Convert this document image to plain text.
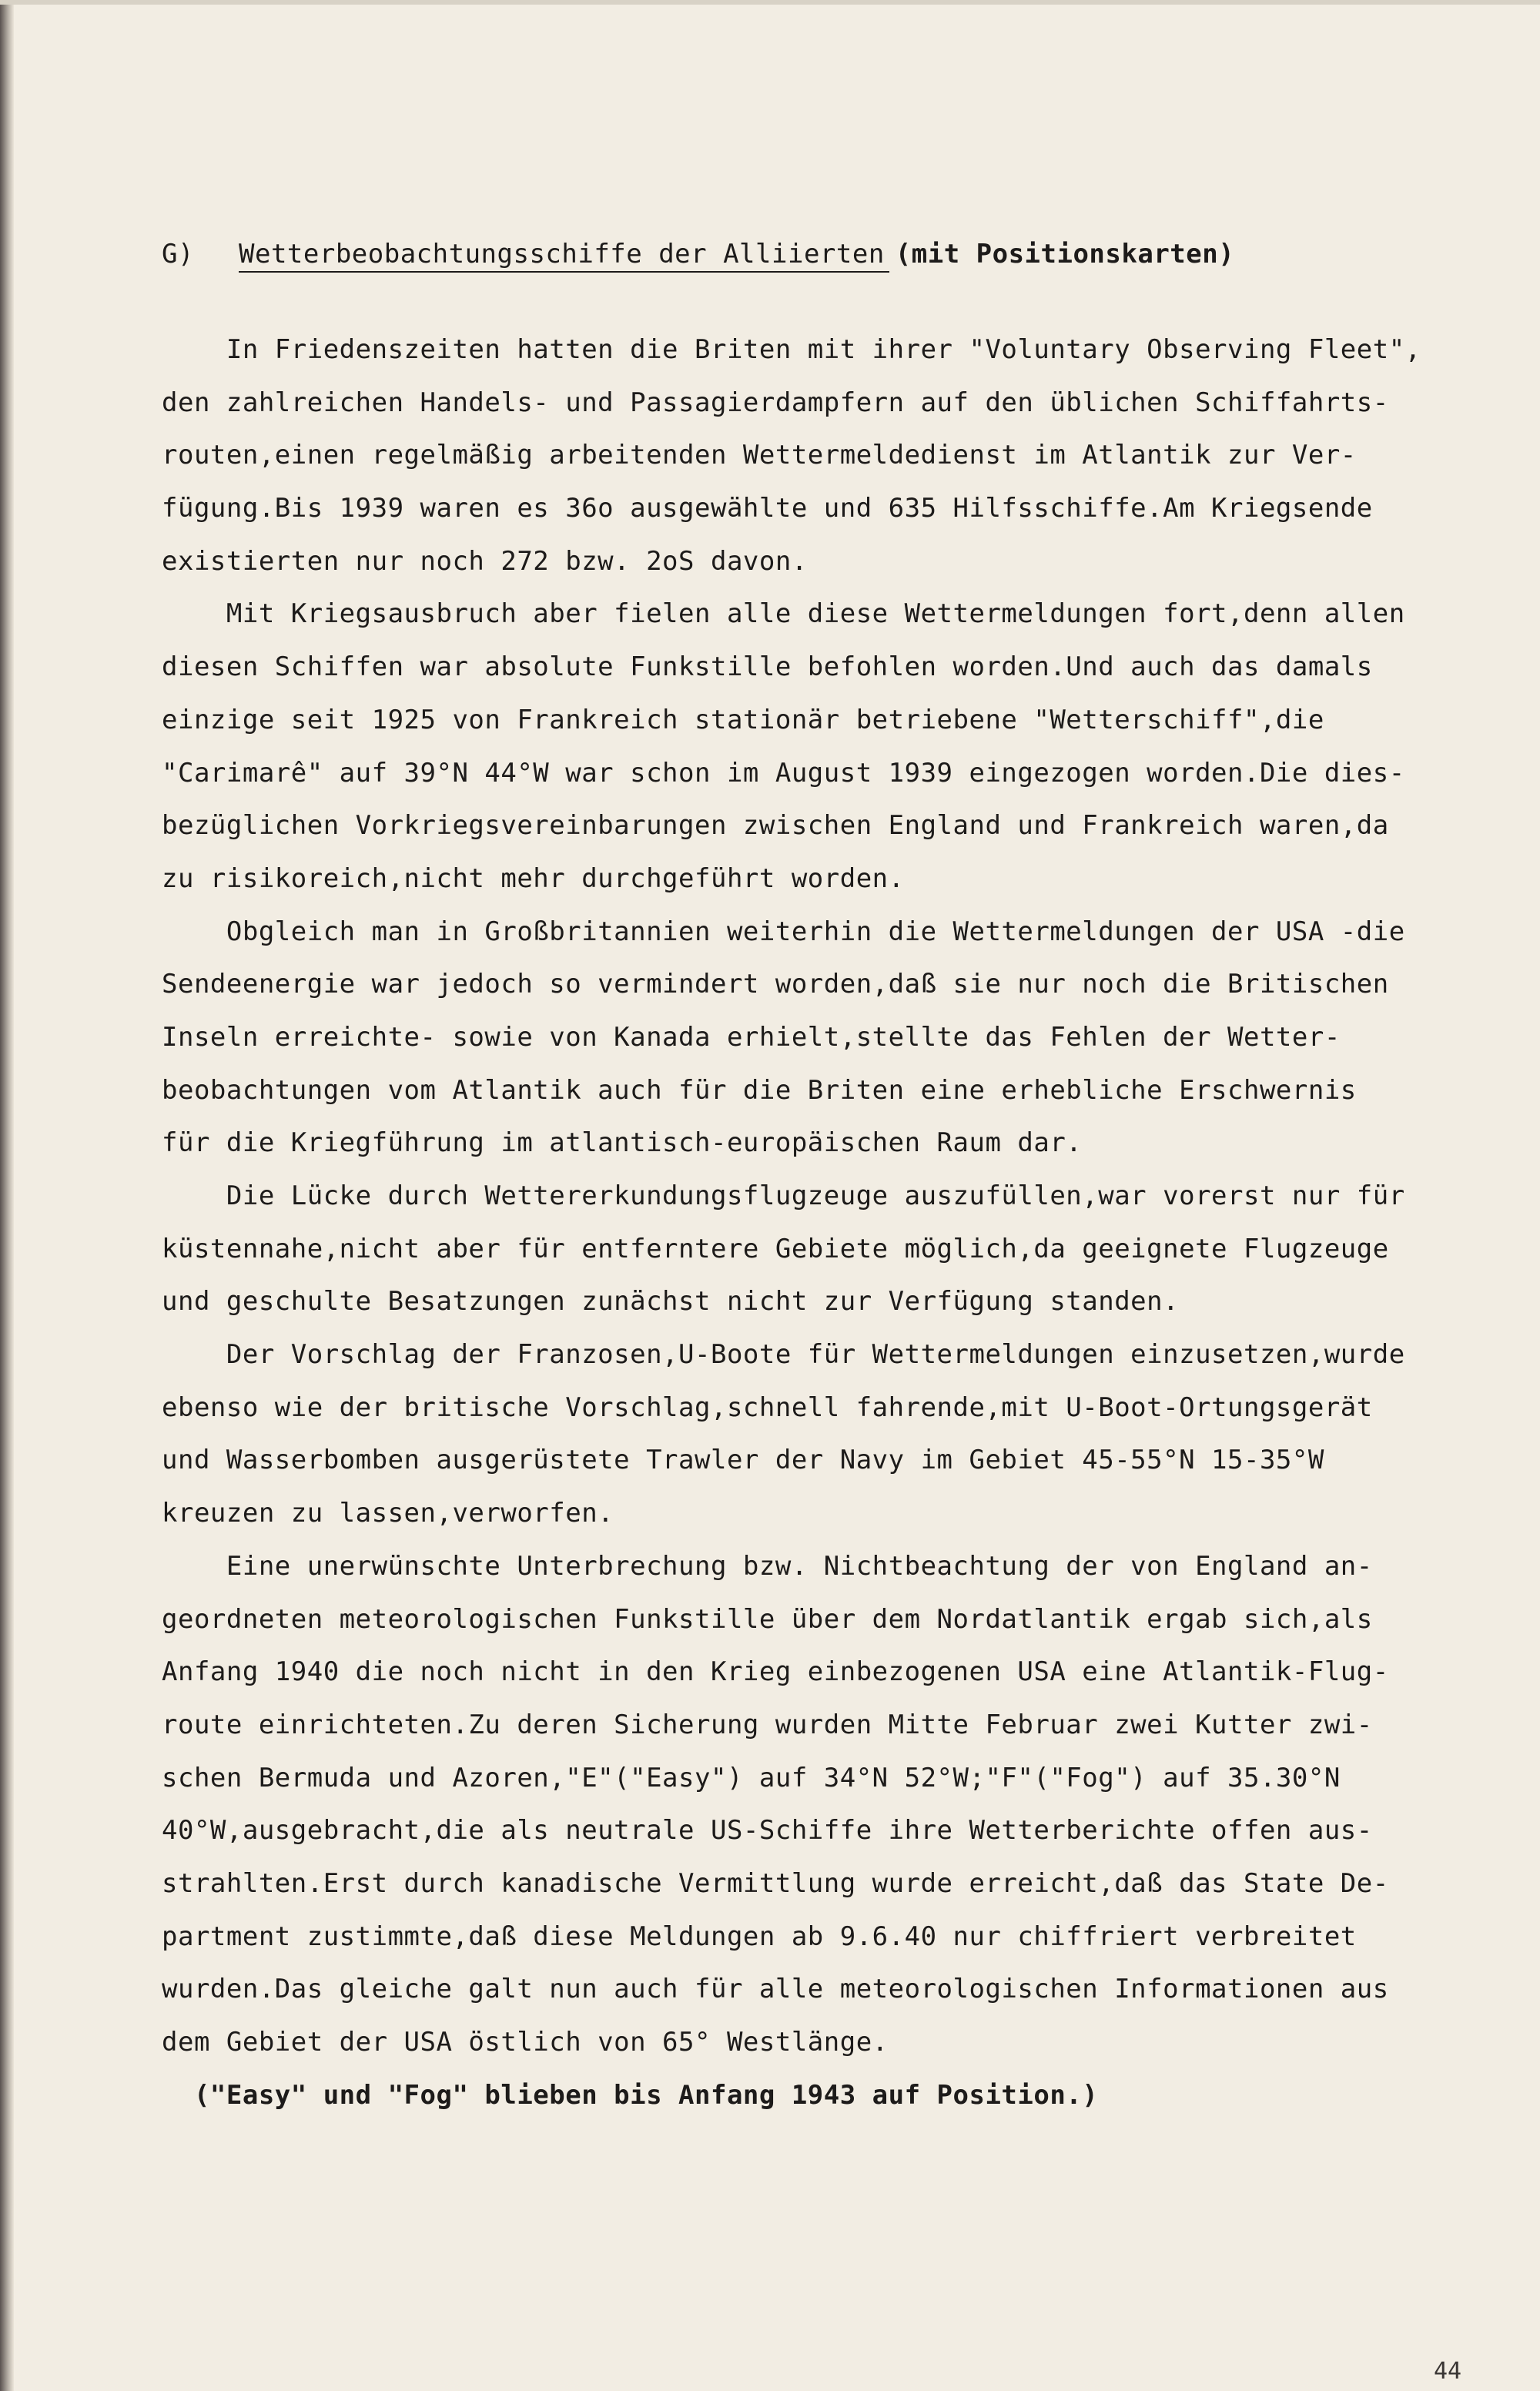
G) Wetterbeobachtungsschiffe der Alliierten (mit Positionskarten)
In Friedenszeiten hatten die Briten mit ihrer "Voluntary Observing Fleet",
den zahlreichen Handels- und Passagierdampfern auf den üblichen Schiffahrts-
routen,einen regelmäßig arbeitenden Wettermeldedienst im Atlantik zur Ver-
fügung.Bis 1939 waren es 36o ausgewählte und 635 Hilfsschiffe.Am Kriegsende
existierten nur noch 272 bzw. 2oS davon.
Mit Kriegsausbruch aber fielen alle diese Wettermeldungen fort,denn allen
diesen Schiffen war absolute Funkstille befohlen worden.Und auch das damals
einzige seit 1925 von Frankreich stationär betriebene "Wetterschiff",die
"Carimarê" auf 39°N 44°W war schon im August 1939 eingezogen worden.Die dies-
bezüglichen Vorkriegsvereinbarungen zwischen England und Frankreich waren,da
zu risikoreich,nicht mehr durchgeführt worden.
Obgleich man in Großbritannien weiterhin die Wettermeldungen der USA -die
Sendeenergie war jedoch so vermindert worden,daß sie nur noch die Britischen
Inseln erreichte- sowie von Kanada erhielt,stellte das Fehlen der Wetter-
beobachtungen vom Atlantik auch für die Briten eine erhebliche Erschwernis
für die Kriegführung im atlantisch-europäischen Raum dar.
Die Lücke durch Wettererkundungsflugzeuge auszufüllen,war vorerst nur für
küstennahe,nicht aber für entferntere Gebiete möglich,da geeignete Flugzeuge
und geschulte Besatzungen zunächst nicht zur Verfügung standen.
Der Vorschlag der Franzosen,U-Boote für Wettermeldungen einzusetzen,wurde
ebenso wie der britische Vorschlag,schnell fahrende,mit U-Boot-Ortungsgerät
und Wasserbomben ausgerüstete Trawler der Navy im Gebiet 45-55°N 15-35°W
kreuzen zu lassen,verworfen.
Eine unerwünschte Unterbrechung bzw. Nichtbeachtung der von England an-
geordneten meteorologischen Funkstille über dem Nordatlantik ergab sich,als
Anfang 1940 die noch nicht in den Krieg einbezogenen USA eine Atlantik-Flug-
route einrichteten.Zu deren Sicherung wurden Mitte Februar zwei Kutter zwi-
schen Bermuda und Azoren,"E"("Easy") auf 34°N 52°W;"F"("Fog") auf 35.30°N
40°W,ausgebracht,die als neutrale US-Schiffe ihre Wetterberichte offen aus-
strahlten.Erst durch kanadische Vermittlung wurde erreicht,daß das State De-
partment zustimmte,daß diese Meldungen ab 9.6.40 nur chiffriert verbreitet
wurden.Das gleiche galt nun auch für alle meteorologischen Informationen aus
dem Gebiet der USA östlich von 65° Westlänge.
("Easy" und "Fog" blieben bis Anfang 1943 auf Position.)
44
